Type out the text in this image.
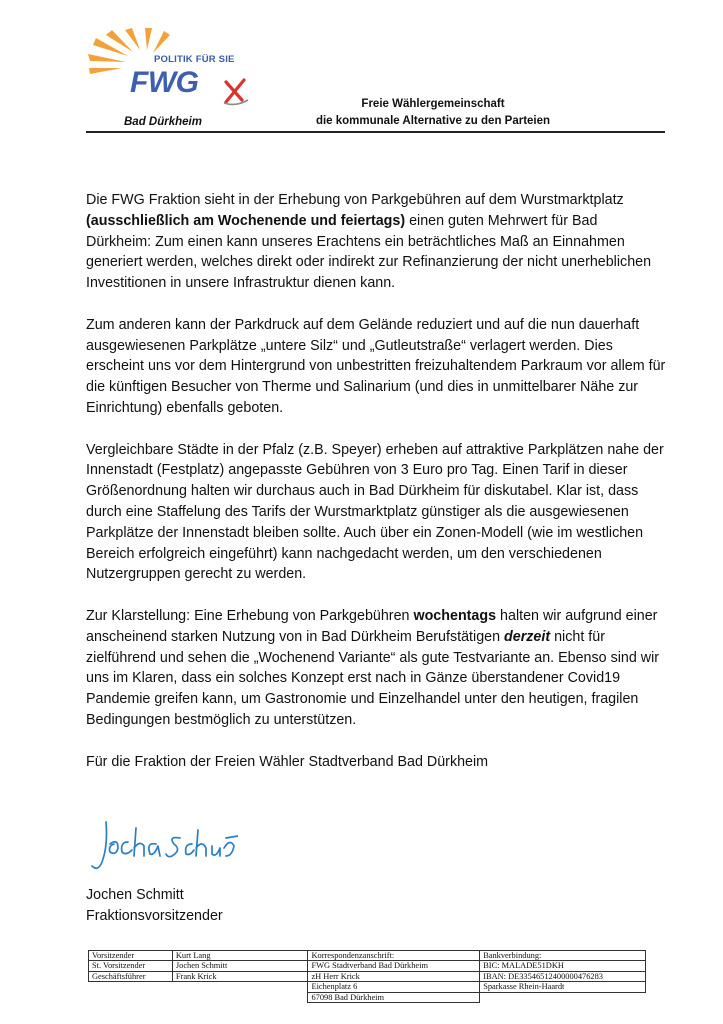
POLITIK FÜR SIE
FWG
Bad Dürkheim
Freie Wählergemeinschaft
die kommunale Alternative zu den Parteien

Die FWG Fraktion sieht in der Erhebung von Parkgebühren auf dem Wurstmarktplatz (ausschließlich am Wochenende und feiertags) einen guten Mehrwert für Bad Dürkheim: Zum einen kann unseres Erachtens ein beträchtliches Maß an Einnahmen generiert werden, welches direkt oder indirekt zur Refinanzierung der nicht unerheblichen Investitionen in unsere Infrastruktur dienen kann.

Zum anderen kann der Parkdruck auf dem Gelände reduziert und auf die nun dauerhaft ausgewiesenen Parkplätze „untere Silz“ und „Gutleutstraße“ verlagert werden. Dies erscheint uns vor dem Hintergrund von unbestritten freizuhaltendem Parkraum vor allem für die künftigen Besucher von Therme und Salinarium (und dies in unmittelbarer Nähe zur Einrichtung) ebenfalls geboten.

Vergleichbare Städte in der Pfalz (z.B. Speyer) erheben auf attraktive Parkplätzen nahe der Innenstadt (Festplatz) angepasste Gebühren von 3 Euro pro Tag. Einen Tarif in dieser Größenordnung halten wir durchaus auch in Bad Dürkheim für diskutabel. Klar ist, dass durch eine Staffelung des Tarifs der Wurstmarktplatz günstiger als die ausgewiesenen Parkplätze der Innenstadt bleiben sollte. Auch über ein Zonen-Modell (wie im westlichen Bereich erfolgreich eingeführt) kann nachgedacht werden, um den verschiedenen Nutzergruppen gerecht zu werden.

Zur Klarstellung: Eine Erhebung von Parkgebühren wochentags halten wir aufgrund einer anscheinend starken Nutzung von in Bad Dürkheim Berufstätigen derzeit nicht für zielführend und sehen die „Wochenend Variante“ als gute Testvariante an. Ebenso sind wir uns im Klaren, dass ein solches Konzept erst nach in Gänze überstandener Covid19 Pandemie greifen kann, um Gastronomie und Einzelhandel unter den heutigen, fragilen Bedingungen bestmöglich zu unterstützen.

Für die Fraktion der Freien Wähler Stadtverband Bad Dürkheim

Jochen Schmitt
Fraktionsvorsitzender
Vorsitzender	Kurt Lang	Korrespondenzanschrift:	Bankverbindung:
St. Vorsitzender	Jochen Schmitt	FWG Stadtverband Bad Dürkheim	BIC: MALADE51DKH
Geschäftsführer	Frank Krick	zH Herr Krick	IBAN: DE33546512400000476283
		Eichenplatz 6	Sparkasse Rhein-Haardt
		67098 Bad Dürkheim	
